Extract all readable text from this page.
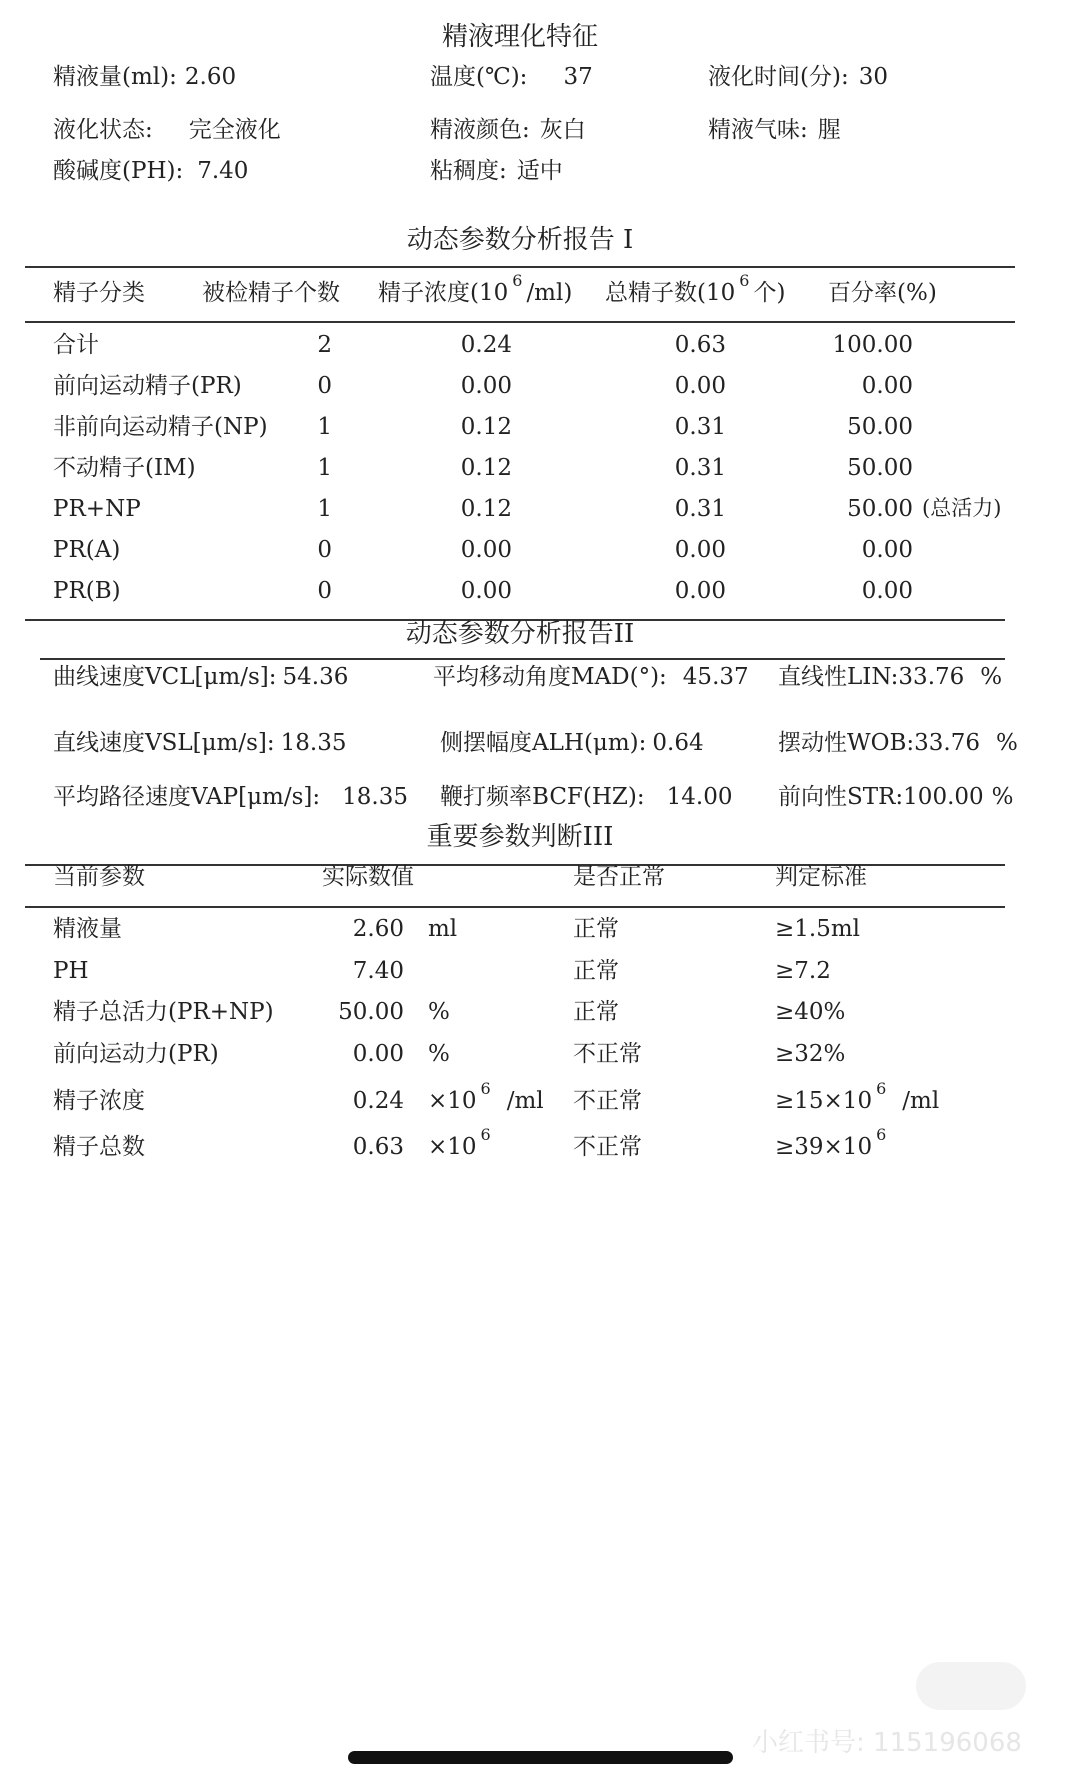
精液理化特征
精液量(ml): 2.60	温度(℃): 37	液化时间(分): 30
液化状态: 完全液化	精液颜色: 灰白	精液气味: 腥
酸碱度(PH): 7.40	粘稠度: 适中
动态参数分析报告 I
精子分类 被检精子个数 精子浓度(10 $^6$ /ml) 总精子数(10 $^6$ 个) 百分率(%)
合计	2	0.24	0.63	100.00
前向运动精子(PR)	0	0.00	0.00	0.00
非前向运动精子(NP)	1	0.12	0.31	50.00
不动精子(IM)	1	0.12	0.31	50.00
PR+NP	1	0.12	0.31	50.00 (总活力)
PR(A)	0	0.00	0.00	0.00
PR(B)	0	0.00	0.00	0.00
动态参数分析报告II
曲线速度VCL[μm/s]: 54.36	平均移动角度MAD(°): 45.37 直线性LIN:33.76 %
直线速度VSL[μm/s]: 18.35	侧摆幅度ALH(μm): 0.64	摆动性WOB:33.76 %
平均路径速度VAP[μm/s]: 18.35 鞭打频率BCF(HZ): 14.00 前向性STR:100.00 %
重要参数判断III
当前参数	实际数值	是否正常	判定标准
精液量	2.60 ml	正常	≥1.5ml
PH	7.40	正常	≥7.2
精子总活力(PR+NP)	50.00 %	正常	≥40%
前向运动力(PR)	0.00 %	不正常	≥32%
精子浓度	0.24 ×10 $^6$ /ml 不正常	≥15×10 $^6$ /ml
精子总数	0.63 ×10 $^6$	不正常	≥39×10 $^6$
小红书号: 115196068
